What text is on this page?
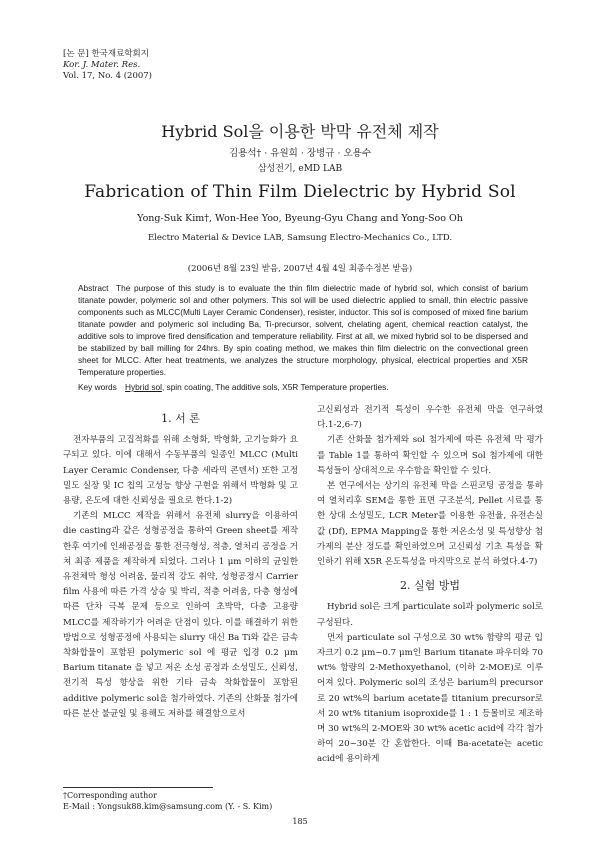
[논 문] 한국재료학회지
Kor. J. Mater. Res.
Vol. 17, No. 4 (2007)
Hybrid Sol을 이용한 박막 유전체 제작
김용석† · 유원희 · 장병규 · 오용수
삼성전기, eMD LAB
Fabrication of Thin Film Dielectric by Hybrid Sol
Yong-Suk Kim†, Won-Hee Yoo, Byeung-Gyu Chang and Yong-Soo Oh
Electro Material & Device LAB, Samsung Electro-Mechanics Co., LTD.
(2006년 8월 23일 받음, 2007년 4월 4일 최종수정본 받음)
Abstract The purpose of this study is to evaluate the thin film dielectric made of hybrid sol, which consist of barium titanate powder, polymeric sol and other polymers. This sol will be used dielectric applied to small, thin electric passive components such as MLCC(Multi Layer Ceramic Condenser), resister, inductor. This sol is composed of mixed fine barium titanate powder and polymeric sol including Ba, Ti-precursor, solvent, chelating agent, chemical reaction catalyst, the additive sols to improve fired densification and temperature reliability. First at all, we mixed hybrid sol to be dispersed and be stabilized by ball milling for 24hrs. By spin coating method, we makes thin film dielectric on the convectional green sheet for MLCC. After heat treatments, we analyzes the structure morphology, physical, electrical properties and X5R Temperature properties.
Key words Hybrid sol, spin coating, The additive sols, X5R Temperature properties.
1. 서 론

전자부품의 고집적화를 위해 소형화, 박형화, 고기능화가 요구되고 있다. 이에 대해서 수동부품의 일종인 MLCC (Multi Layer Ceramic Condenser, 다층 세라믹 콘덴서) 또한 고정밀도 실장 및 IC 칩의 고성능 향상 구현을 위해서 박형화 및 고용량, 온도에 대한 신뢰성을 필요로 한다.1-2)

기존의 MLCC 제작을 위해서 유전체 slurry을 이용하여 die casting과 같은 성형공정을 통하여 Green sheet를 제작한후 여기에 인쇄공정을 통한 전극형성, 적층, 열처리 공정을 거쳐 최종 제품을 제작하게 되었다. 그러나 1 μm 이하의 균일한 유전체막 형성 어려움, 물리적 강도 취약, 성형공정시 Carrier film 사용에 따른 가격 상승 및 박리, 적층 어려움, 다층 형성에 따른 단차 극복 문제 등으로 인하여 초박막, 다층 고용량 MLCC를 제작하기가 어려운 단점이 있다. 이를 해결하기 위한 방법으로 성형공정에 사용되는 slurry 대신 Ba Ti와 같은 금속 착화합물이 포함된 polymeric sol 에 평균 입경 0.2 μm Barium titanate 을 넣고 저온 소성 공정과 소성밀도, 신뢰성, 전기적 특성 향상을 위한 기타 금속 착화합물이 포함된 additive polymeric sol을 첨가하였다. 기존의 산화물 첨가에 따른 분산 불균일 및 용해도 저하를 해결함으로서

고신뢰성과 전기적 특성이 우수한 유전체 막을 연구하였다.1-2,6-7)

기존 산화물 첨가제와 sol 첨가제에 따른 유전체 막 평가를 Table 1를 통하여 확인할 수 있으며 Sol 첨가제에 대한 특성들이 상대적으로 우수함을 확인할 수 있다.

본 연구에서는 상기의 유전체 막을 스핀코팅 공정을 통하여 열처리후 SEM을 통한 표면 구조분석, Pellet 시료를 통한 상대 소성밀도, LCR Meter를 이용한 유전율, 유전손실값 (Df), EPMA Mapping을 통한 저온소성 및 특성향상 첨가제의 분산 정도를 확인하였으며 고신뢰성 기초 특성을 확인하기 위해 X5R 온도특성을 마지막으로 분석 하였다.4-7)

2. 실험 방법

Hybrid sol은 크게 particulate sol과 polymeric sol로 구성된다.

먼저 particulate sol 구성으로 30 wt% 함량의 평균 입자크기 0.2 μm~0.7 μm인 Barium titanate 파우더와 70 wt% 함량의 2-Methoxyethanol, (이하 2-MOE)로 이루어져 있다. Polymeric sol의 조성은 barium의 precursor로 20 wt%의 barium acetate를 titanium precursor로서 20 wt% titanium isoproxide를 1 : 1 등몰비로 제조하며 30 wt%의 2-MOE와 30 wt% acetic acid에 각각 첨가하여 20~30분 간 혼합한다. 이때 Ba-acetate는 acetic acid에 용이하게

†Corresponding author
E-Mail : Yongsuk88.kim@samsung.com (Y. - S. Kim)
185
